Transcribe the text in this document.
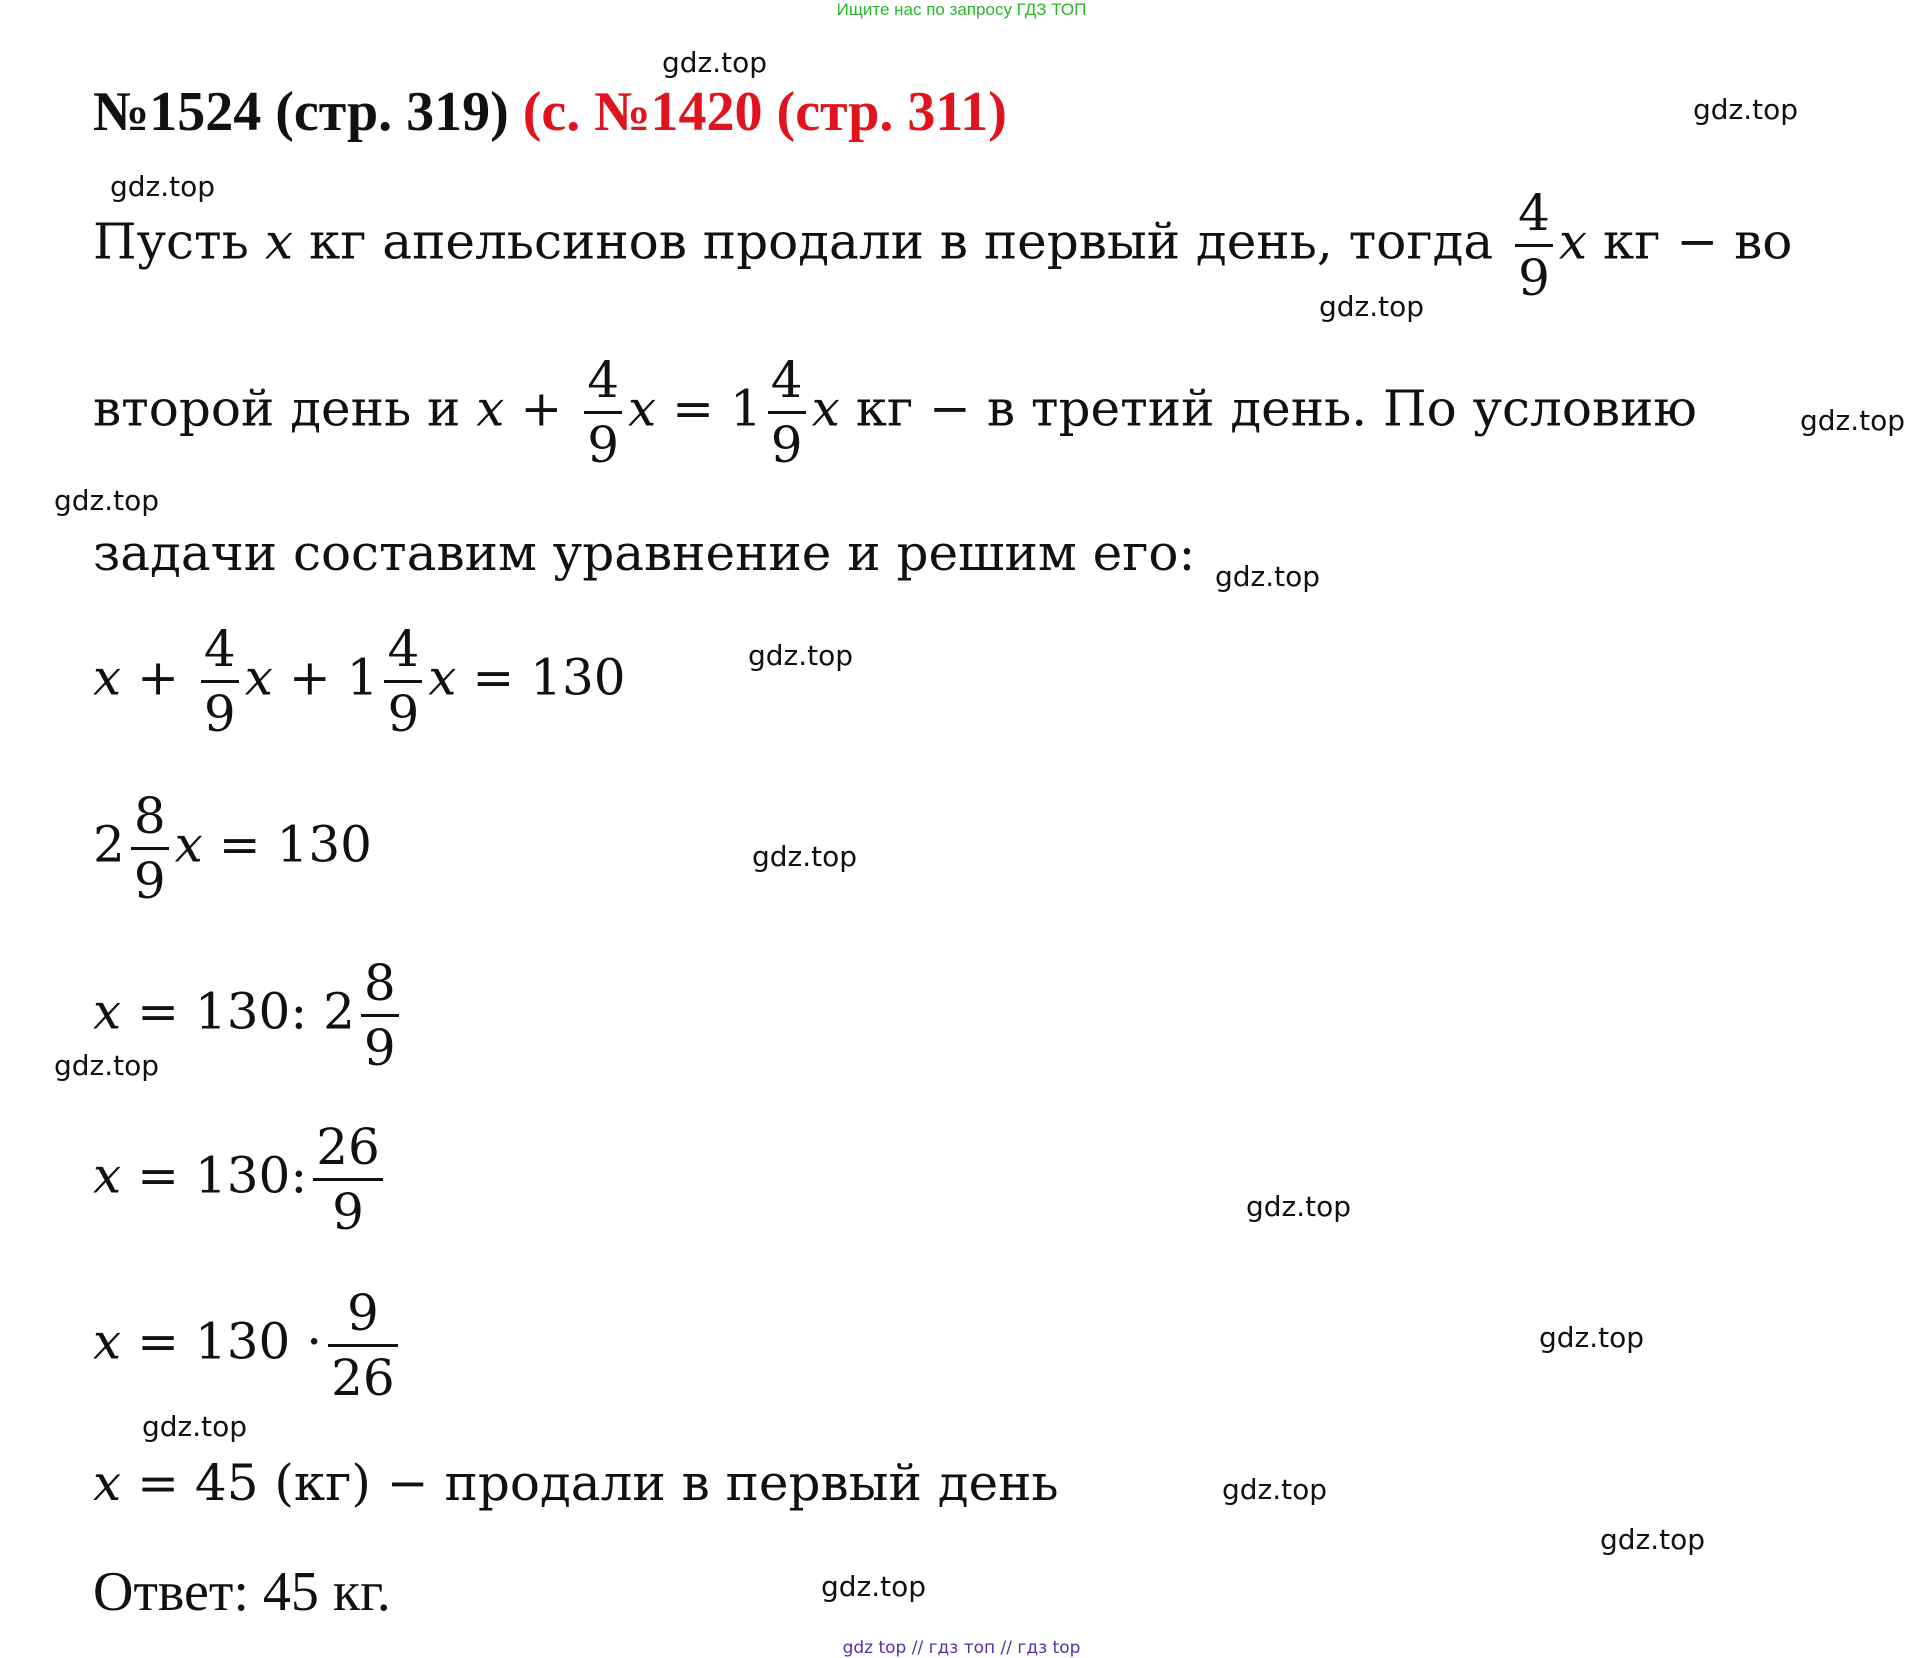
Ищите нас по запросу ГДЗ ТОП
№1524 (стр. 319) (с. №1420 (стр. 311)
Пусть x кг апельсинов продали в первый день, тогда $\frac{4}{9}$ x кг − во
второй день и $x + \frac{4}{9}$ $x = 1 \frac{4}{9}$ x кг − в третий день. По условию
задачи составим уравнение и решим его:
$x + \frac{4}{9}$ $x + 1 \frac{4}{9}$ x = 130
$2 \frac{8}{9}$ x = 130
x = 130: $2 \frac{8}{9}$
x = 130: $\frac{26}{9}$
$x = 130 \cdot \frac{9}{26}$
x = 45 (кг) − продали в первый день
Ответ: 45 кг.
gdz.top
gdz.top
gdz.top
gdz.top
gdz.top
gdz.top
gdz.top
gdz.top
gdz.top
gdz.top
gdz.top
gdz.top
gdz.top
gdz.top
gdz.top
gdz.top
gdz top // гдз топ // гдз top
